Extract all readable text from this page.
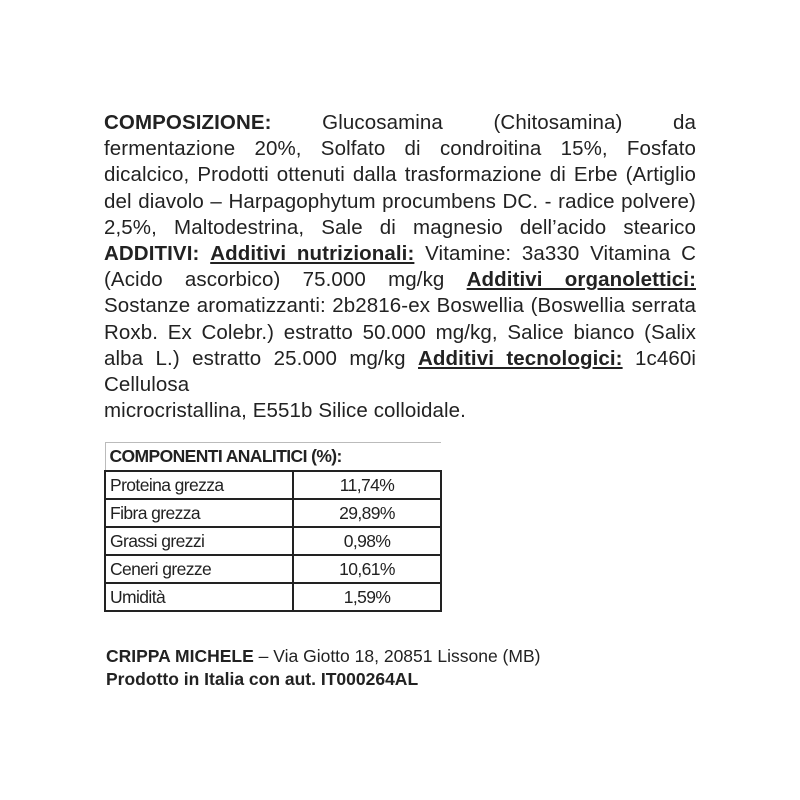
COMPOSIZIONE: Glucosamina (Chitosamina) da fermentazione 20%, Solfato di condroitina 15%, Fosfato dicalcico, Prodotti ottenuti dalla trasformazione di Erbe (Artiglio del diavolo – Harpagophytum procumbens DC. - radice polvere) 2,5%, Maltodestrina, Sale di magnesio dell’acido stearico ADDITIVI: Additivi nutrizionali: Vitamine: 3a330 Vitamina C (Acido ascorbico) 75.000 mg/kg Additivi organolettici: Sostanze aromatizzanti: 2b2816-ex Boswellia (Boswellia serrata Roxb. Ex Colebr.) estratto 50.000 mg/kg, Salice bianco (Salix alba L.) estratto 25.000 mg/kg Additivi tecnologici: 1c460i Cellulosa
microcristallina, E551b Silice colloidale.
COMPONENTI ANALITICI (%):	
Proteina grezza	11,74%
Fibra grezza	29,89%
Grassi grezzi	0,98%
Ceneri grezze	10,61%
Umidità	1,59%
CRIPPA MICHELE – Via Giotto 18, 20851 Lissone (MB)
Prodotto in Italia con aut. IT000264AL
